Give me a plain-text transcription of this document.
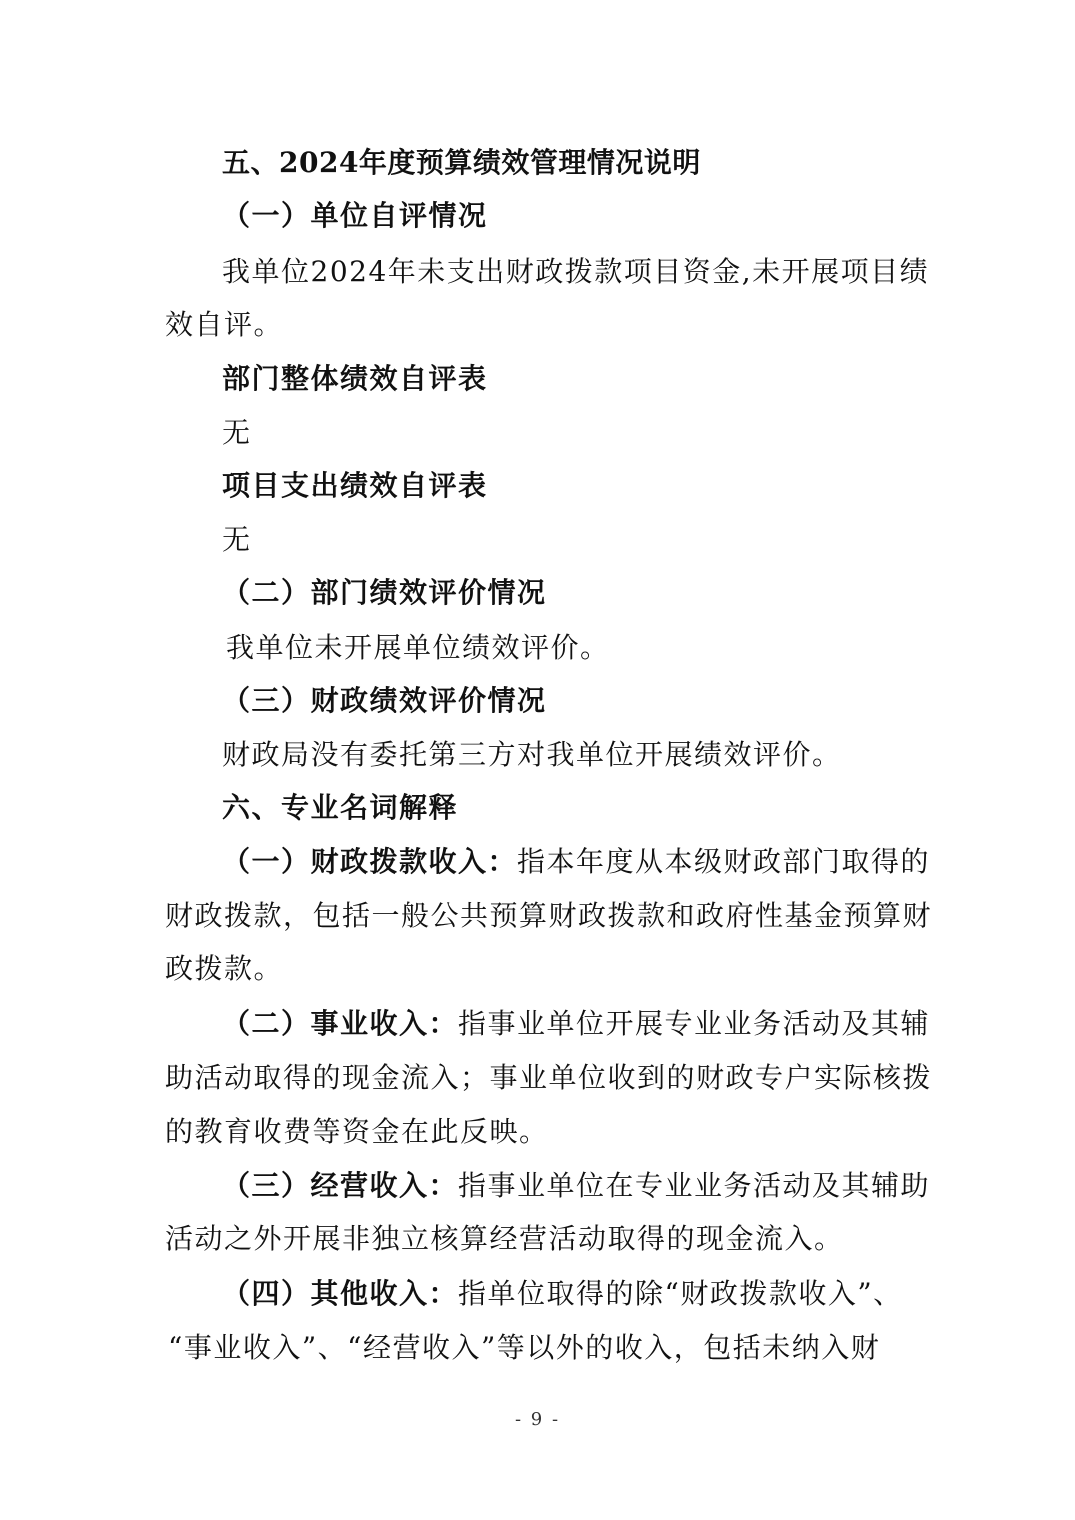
五、2024年度预算绩效管理情况说明
（一）单位自评情况
我单位2024年未支出财政拨款项目资金,未开展项目绩
效自评。
部门整体绩效自评表
无
项目支出绩效自评表
无
（二）部门绩效评价情况
我单位未开展单位绩效评价。
（三）财政绩效评价情况
财政局没有委托第三方对我单位开展绩效评价。
六、专业名词解释
（一）财政拨款收入：指本年度从本级财政部门取得的
财政拨款，包括一般公共预算财政拨款和政府性基金预算财
政拨款。
（二）事业收入：指事业单位开展专业业务活动及其辅
助活动取得的现金流入；事业单位收到的财政专户实际核拨
的教育收费等资金在此反映。
（三）经营收入：指事业单位在专业业务活动及其辅助
活动之外开展非独立核算经营活动取得的现金流入。
（四）其他收入：指单位取得的除“财政拨款收入”、
“事业收入”、“经营收入”等以外的收入，包括未纳入财
- 9 -
